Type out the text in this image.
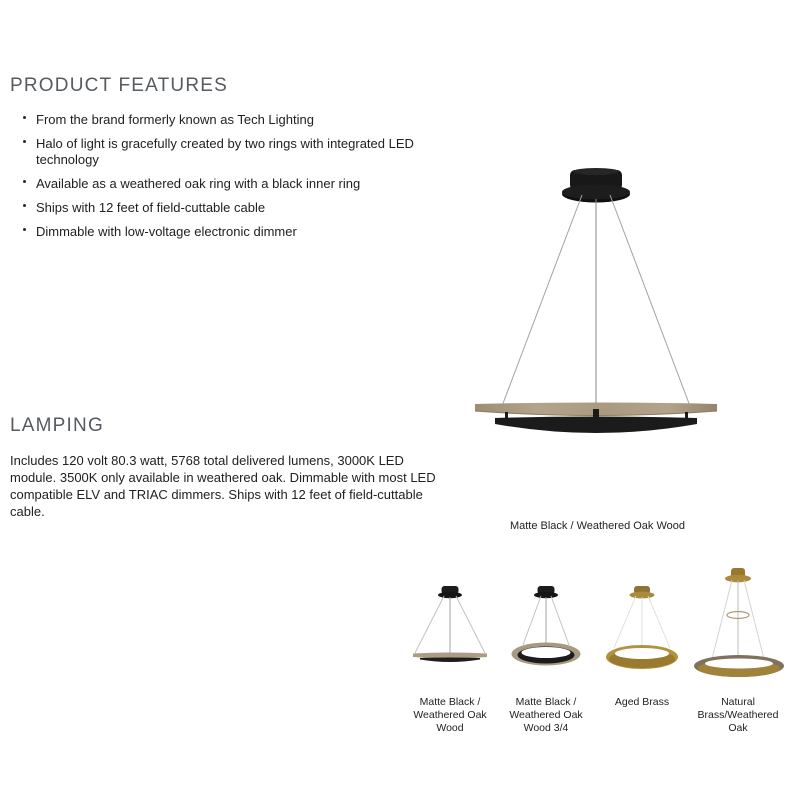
PRODUCT FEATURES
From the brand formerly known as Tech Lighting
Halo of light is gracefully created by two rings with integrated LED technology
Available as a weathered oak ring with a black inner ring
Ships with 12 feet of field-cuttable cable
Dimmable with low-voltage electronic dimmer
LAMPING

Includes 120 volt 80.3 watt, 5768 total delivered lumens, 3000K LED module. 3500K only available in weathered oak. Dimmable with most LED compatible ELV and TRIAC dimmers. Ships with 12 feet of field-cuttable cable.

Matte Black / Weathered Oak Wood
Matte Black / Weathered Oak Wood
Matte Black / Weathered Oak Wood 3/4
Aged Brass	Natural Brass/Weathered Oak
